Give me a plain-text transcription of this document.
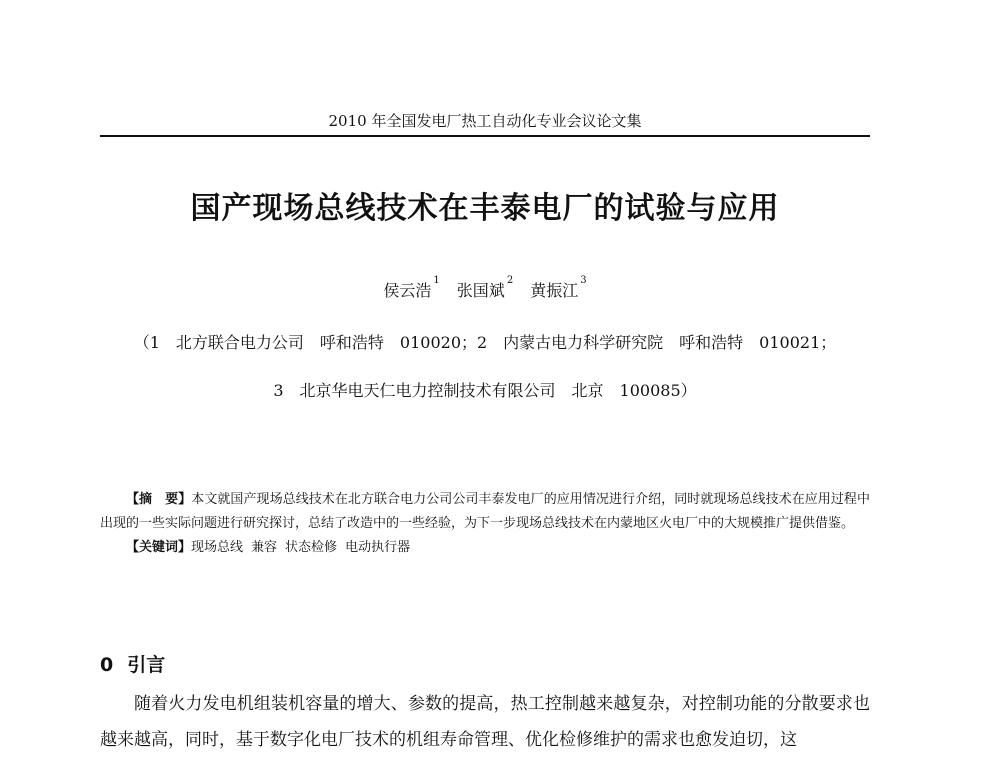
2010 年全国发电厂热工自动化专业会议论文集
国产现场总线技术在丰泰电厂的试验与应用
侯云浩$^1$ 张国斌$^2$ 黄振江$^3$
（1　北方联合电力公司　呼和浩特　010020；2　内蒙古电力科学研究院　呼和浩特　010021；
3　北京华电天仁电力控制技术有限公司　北京　100085）

【摘　要】本文就国产现场总线技术在北方联合电力公司公司丰泰发电厂的应用情况进行介绍，同时就现场总线技术在应用过程中出现的一些实际问题进行研究探讨，总结了改造中的一些经验，为下一步现场总线技术在内蒙地区火电厂中的大规模推广提供借鉴。

【关键词】现场总线 兼容 状态检修 电动执行器

0 引言

随着火力发电机组装机容量的增大、参数的提高，热工控制越来越复杂，对控制功能的分散要求也越来越高，同时，基于数字化电厂技术的机组寿命管理、优化检修维护的需求也愈发迫切，这
